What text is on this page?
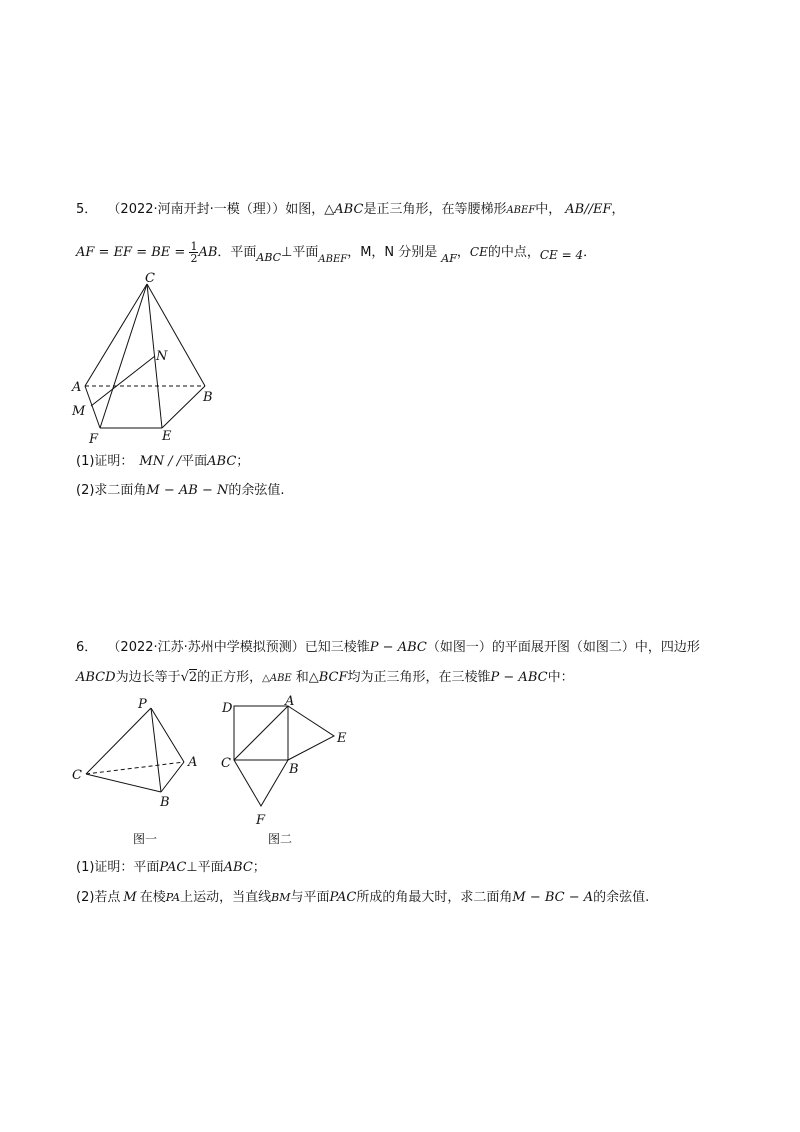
5． （2022·河南开封·一模（理））如图，△ABC是正三角形，在等腰梯形ABEF中， AB//EF，
AF = EF = BE = $\frac{1}{2}$ AB．平面$_{ABC}$⊥平面$_{ABEF}$，M，N 分别是 $_{AF}$，CE的中点，CE = 4．
C
N
A
B
M
F	E
(1)证明： MN / /平面ABC；
(2)求二面角M − AB − N的余弦值.
6． （2022·江苏·苏州中学模拟预测）已知三棱锥P − ABC（如图一）的平面展开图（如图二）中，四边形
ABCD为边长等于√2的正方形，△ABE 和△BCF均为正三角形，在三棱锥P − ABC中：
P
C
A
B
D	A
E
C	B
F
图一	图二
(1)证明：平面PAC⊥平面ABC；
(2)若点 M 在棱PA上运动，当直线BM与平面PAC所成的角最大时，求二面角M − BC − A的余弦值.
